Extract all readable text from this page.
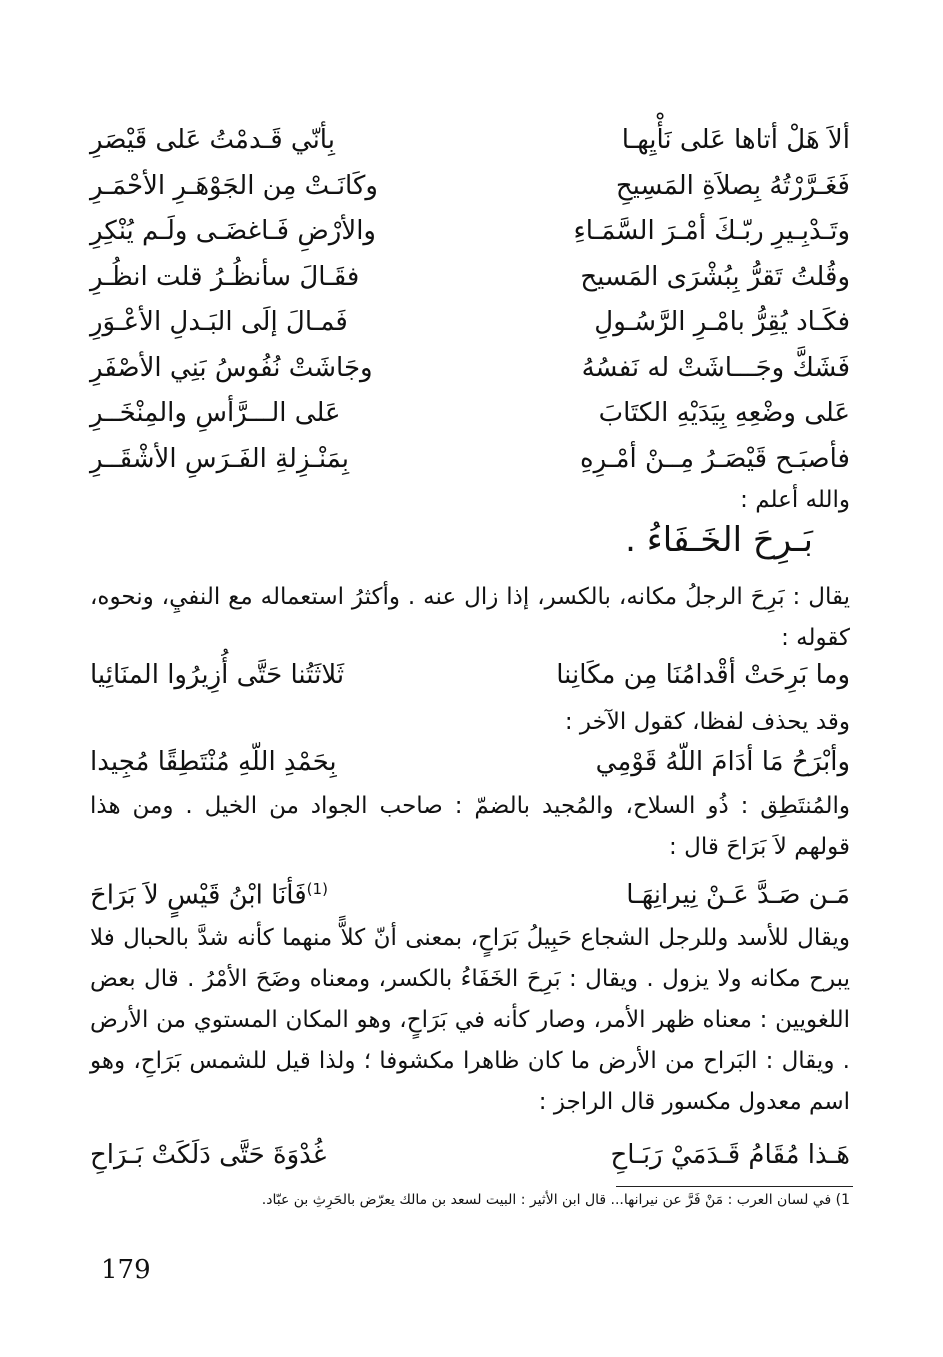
ألاَ هَلْ أتاها عَلى نَأْيِهـا
بِأنّي قَـدمْتُ عَلى قَيْصَرِ
فَغَـرَّرْتُهُ بِصلاَةِ المَسِيحِ
وكَانَـتْ مِن الجَوْهَـرِ الأحْمَـرِ
وتَـدْبِـيرِ ربّـكَ أمْـرَ السَّمَـاءِ
والأرْضِ فَـاغضَـى ولَـم يُنْكِرِ
وقُلتُ تَقرُّ بِبُشْرَى المَسيح
فقَـالَ سأنظُـرُ قلت انظُـرِ
فكَـاد يُقِرُّ بامْـرِ الرَّسُـولِ
فَمـالَ إلَى البَـدلِ الأعْـوَرِ
فَشَكَّ وجَـــاشَتْ له نَفسُهُ
وجَاشَتْ نُفُوسُ بَنِي الأصْفَرِ
عَلى وضْعِهِ بِيَدَيْهِ الكتَابَ
عَلى الـــرَّأسِ والمِنْخَــرِ
فأصبَـح قَيْصَـرُ مِــنْ أمْـرِهِ
بِمَنْـزِلةِ الفَـرَسِ الأشْقَــرِ
والله أعلم :
بَـرِحَ الخَـفَاءُ .
يقال : بَرِحَ الرجلُ مكانه، بالكسر، إذا زال عنه . وأكثرُ استعماله مع النفيِ، ونحوه، كقوله :
وما بَرِحَتْ أقْدامُنَا مِن مكَانِنا
ثَلاثَتُنا حَتَّى أُزِيرُوا المنَائِيا
وقد يحذف لفظا، كقول الآخر :
وأبْرَحُ مَا أدَامَ اللّهُ قَوْمِي
بِحَمْدِ اللّهِ مُنْتَطِقًا مُجِيدا
والمُنتَطِق : ذُو السلاح، والمُجيد بالضمّ : صاحب الجواد من الخيل . ومن هذا قولهم لاَ بَرَاحَ قال :
مَـن صَـدَّ عَـنْ نِيرانِهَـا
$^{(1)}$فَأنَا ابْنُ قَيْسٍ لاَ بَرَاحَ
ويقال للأسد وللرجل الشجاع حَبِيلُ بَرَاحٍ، بمعنى أنّ كلاًّ منهما كأنه شدَّ بالحبال فلا يبرح مكانه ولا يزول . ويقال : بَرِحَ الخَفَاءُ بالكسر، ومعناه وضَحَ الأمْرُ . قال بعض اللغويين : معناه ظهر الأمر، وصار كأنه في بَرَاحٍ، وهو المكان المستوي من الأرض . ويقال : البَراح من الأرض ما كان ظاهرا مكشوفا ؛ ولذا قيل للشمس بَرَاحِ، وهو اسم معدول مكسور قال الراجز :
هَـذا مُقَامُ قَـدَمَيْ رَبَـاحِ
غُدْوَةَ حَتَّى دَلَكَتْ بَـرَاحِ
1) في لسان العرب : مَنْ فَرَّ عن نيرانها... قال ابن الأثير : البيت لسعد بن مالك يعرّض بالحَرِثِ بن عبّاد.
179
